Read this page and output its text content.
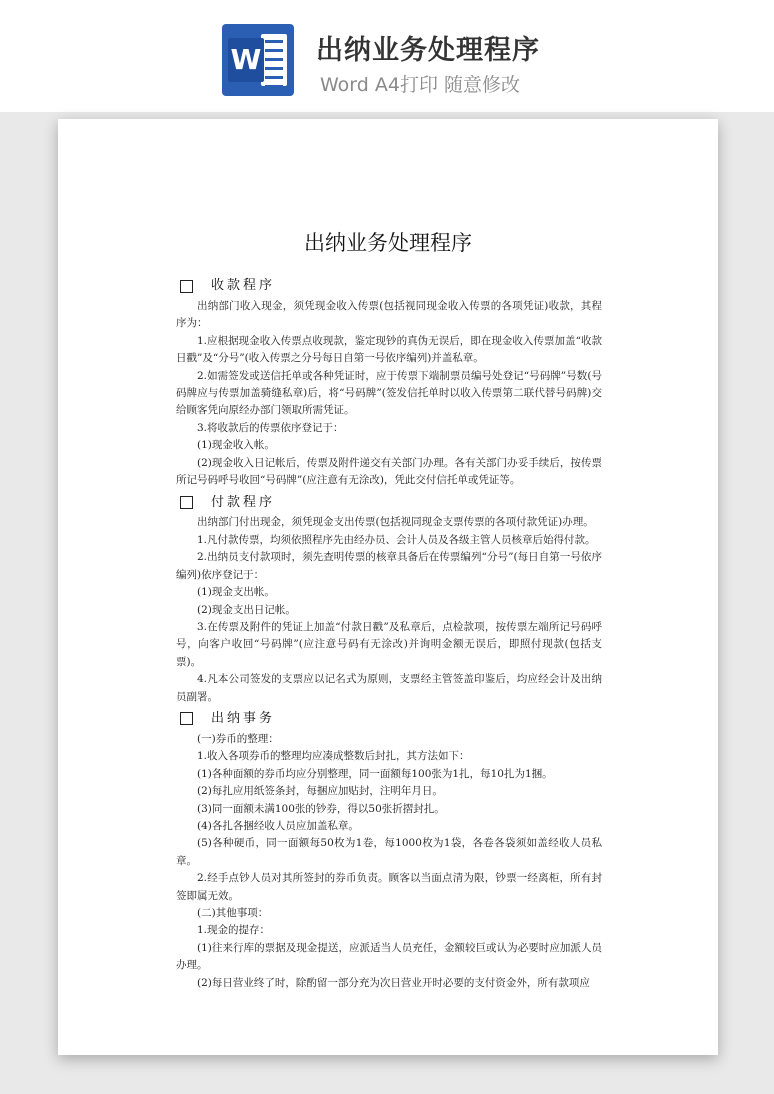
W 出纳业务处理程序
Word A4打印 随意修改
出纳业务处理程序
收款程序

出纳部门收入现金，须凭现金收入传票(包括视同现金收入传票的各项凭证)收款，其程序为：

1.应根据现金收入传票点收现款，鉴定现钞的真伪无误后，即在现金收入传票加盖“收款日戳”及“分号”(收入传票之分号每日自第一号依序编列)并盖私章。

2.如需签发或送信托单或各种凭证时，应于传票下端制票员编号处登记“号码牌”号数(号码牌应与传票加盖骑缝私章)后，将“号码牌”(签发信托单时以收入传票第二联代替号码牌)交给顾客凭向原经办部门领取所需凭证。

3.将收款后的传票依序登记于：

(1)现金收入帐。

(2)现金收入日记帐后，传票及附件递交有关部门办理。各有关部门办妥手续后，按传票所记号码呼号收回“号码牌”(应注意有无涂改)，凭此交付信托单或凭证等。

付款程序

出纳部门付出现金，须凭现金支出传票(包括视同现金支票传票的各项付款凭证)办理。

1.凡付款传票，均须依照程序先由经办员、会计人员及各级主管人员核章后始得付款。

2.出纳员支付款项时，须先查明传票的核章具备后在传票编列“分号”(每日自第一号依序编列)依序登记于：

(1)现金支出帐。

(2)现金支出日记帐。

3.在传票及附件的凭证上加盖“付款日戳”及私章后，点检款项，按传票左端所记号码呼号，向客户收回“号码牌”(应注意号码有无涂改)并询明金额无误后，即照付现款(包括支票)。

4.凡本公司签发的支票应以记名式为原则，支票经主管签盖印鉴后，均应经会计及出纳员副署。

出纳事务

(一)券币的整理：

1.收入各项券币的整理均应凑成整数后封扎，其方法如下：

(1)各种面额的券币均应分别整理，同一面额每100张为1扎，每10扎为1捆。

(2)每扎应用纸签条封，每捆应加贴封，注明年月日。

(3)同一面额未满100张的钞券，得以50张折摺封扎。

(4)各扎各捆经收人员应加盖私章。

(5)各种硬币，同一面额每50枚为1卷，每1000枚为1袋，各卷各袋须如盖经收人员私章。

2.经手点钞人员对其所签封的券币负责。顾客以当面点清为限，钞票一经离柜，所有封签即属无效。

(二)其他事项：

1.现金的提存：

(1)往来行库的票据及现金提送，应派适当人员充任，金额较巨或认为必要时应加派人员办理。

(2)每日营业终了时，除酌留一部分充为次日营业开时必要的支付资金外，所有款项应
